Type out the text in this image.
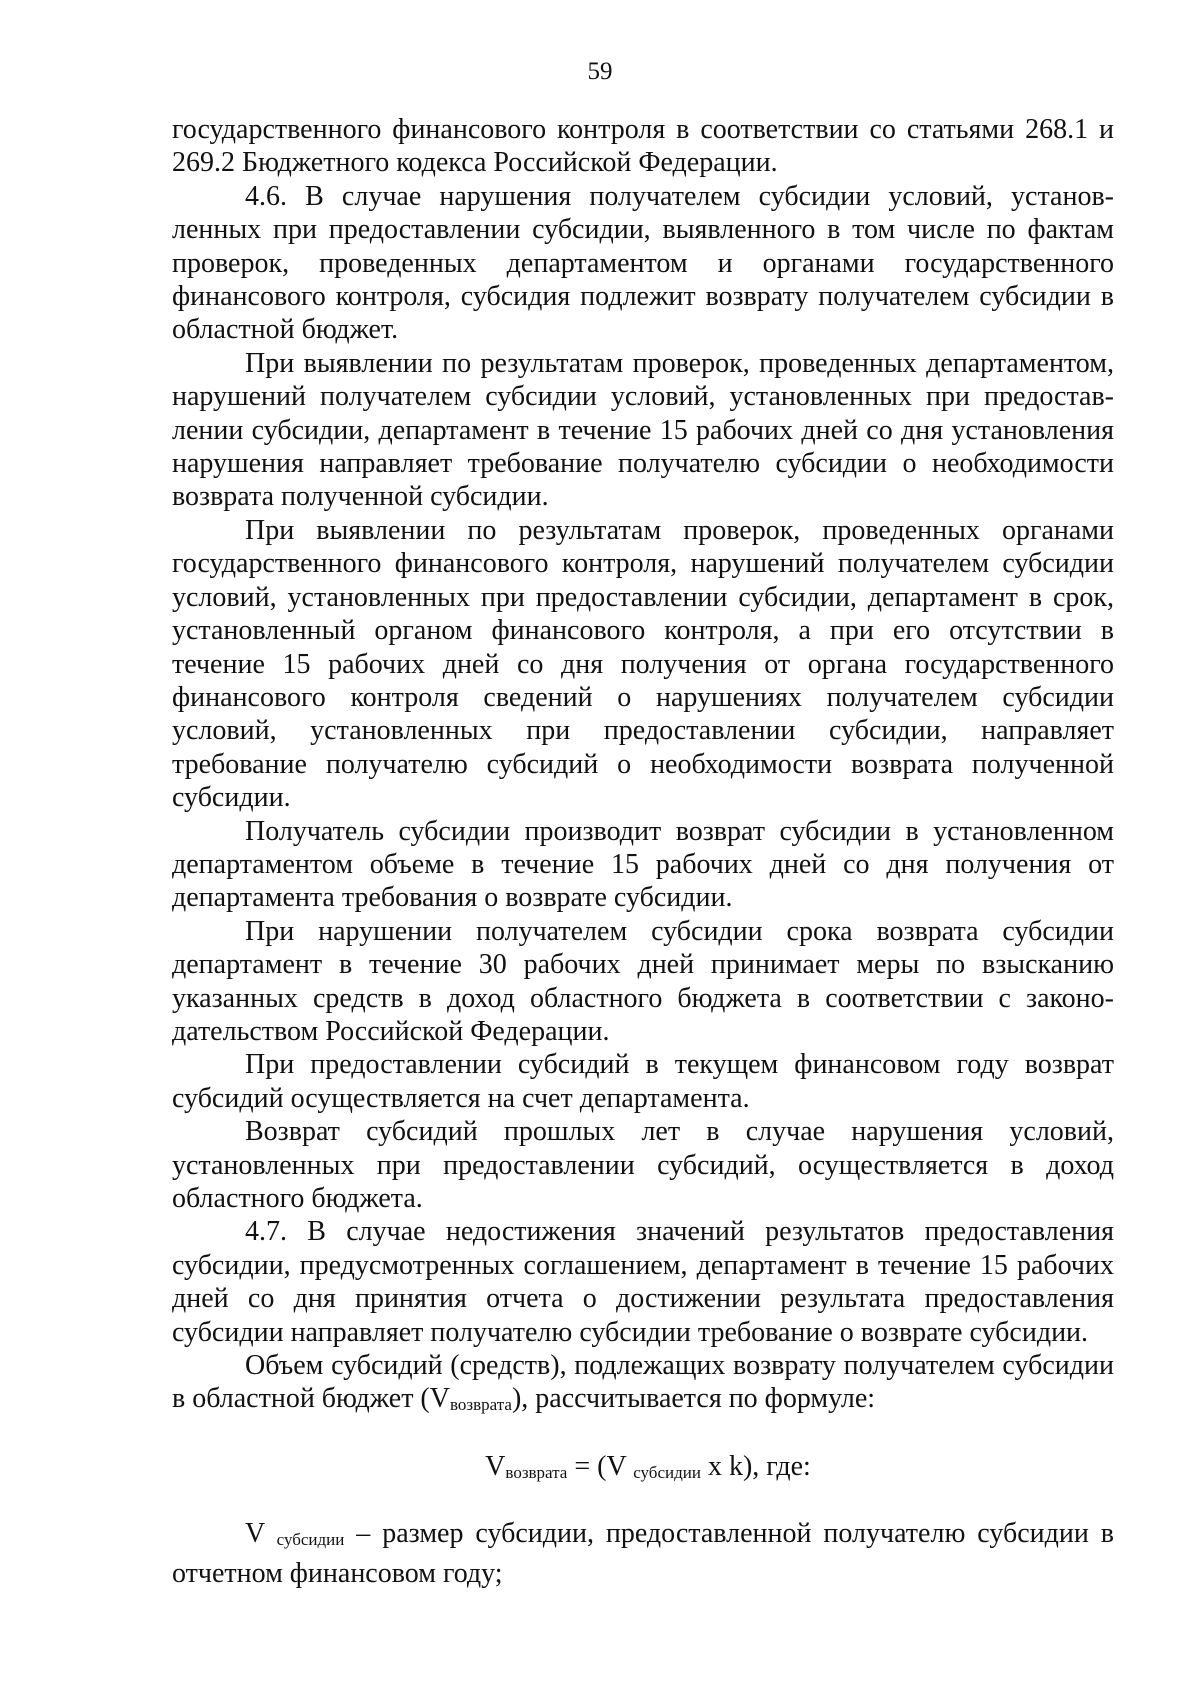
59

государственного финансового контроля в соответствии со статьями 268.1 и 269.2 Бюджетного кодекса Российской Федерации.

4.6. В случае нарушения получателем субсидии условий, установленных при предоставлении субсидии, выявленного в том числе по фактам проверок, проведенных департаментом и органами государственного финансового контроля, субсидия подлежит возврату получателем субсидии в областной бюджет.

При выявлении по результатам проверок, проведенных департаментом, нарушений получателем субсидии условий, установленных при предоставлении субсидии, департамент в течение 15 рабочих дней со дня установления нарушения направляет требование получателю субсидии о необходимости возврата полученной субсидии.

При выявлении по результатам проверок, проведенных органами государственного финансового контроля, нарушений получателем субсидии условий, установленных при предоставлении субсидии, департамент в срок, установленный органом финансового контроля, а при его отсутствии в течение 15 рабочих дней со дня получения от органа государственного финансового контроля сведений о нарушениях получателем субсидии условий, установленных при предоставлении субсидии, направляет требование получателю субсидий о необходимости возврата полученной субсидии.

Получатель субсидии производит возврат субсидии в установленном департаментом объеме в течение 15 рабочих дней со дня получения от департамента требования о возврате субсидии.

При нарушении получателем субсидии срока возврата субсидии департамент в течение 30 рабочих дней принимает меры по взысканию указанных средств в доход областного бюджета в соответствии с законодательством Российской Федерации.

При предоставлении субсидий в текущем финансовом году возврат субсидий осуществляется на счет департамента.

Возврат субсидий прошлых лет в случае нарушения условий, установленных при предоставлении субсидий, осуществляется в доход областного бюджета.

4.7. В случае недостижения значений результатов предоставления субсидии, предусмотренных соглашением, департамент в течение 15 рабочих дней со дня принятия отчета о достижении результата предоставления субсидии направляет получателю субсидии требование о возврате субсидии.

Объем субсидий (средств), подлежащих возврату получателем субсидии в областной бюджет $(V_{возврата})$, рассчитывается по формуле:

$V_{возврата} = (V$ $_{субсидии}$ x k), где:

V $_{субсидии}$ – размер субсидии, предоставленной получателю субсидии в отчетном финансовом году;
